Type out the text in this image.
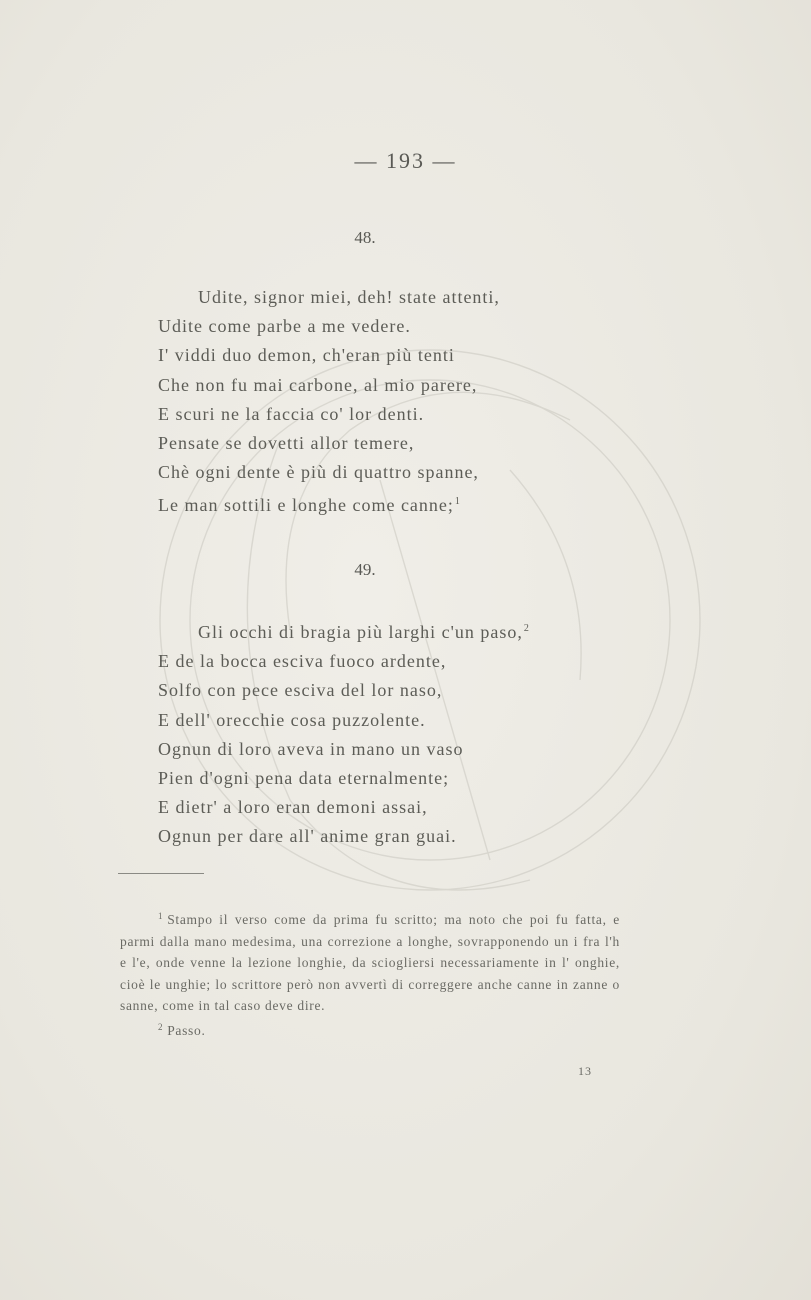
— 193 —
48.
Udite, signor miei, deh! state attenti,
Udite come parbe a me vedere.
I' viddi duo demon, ch'eran più tenti
Che non fu mai carbone, al mio parere,
E scuri ne la faccia co' lor denti.
Pensate se dovetti allor temere,
Chè ogni dente è più di quattro spanne,
Le man sottili e longhe come canne;$^1$
49.
Gli occhi di bragia più larghi c'un paso,$^2$
E de la bocca esciva fuoco ardente,
Solfo con pece esciva del lor naso,
E dell' orecchie cosa puzzolente.
Ognun di loro aveva in mano un vaso
Pien d'ogni pena data eternalmente;
E dietr' a loro eran demoni assai,
Ognun per dare all' anime gran guai.
$^1$ Stampo il verso come da prima fu scritto; ma noto che poi fu fatta, e parmi dalla mano medesima, una correzione a longhe, sovrapponendo un i fra l'h e l'e, onde venne la lezione longhie, da sciogliersi necessariamente in l' onghie, cioè le unghie; lo scrittore però non avvertì di correggere anche canne in zanne o sanne, come in tal caso deve dire.
$^2$ Passo.
13
